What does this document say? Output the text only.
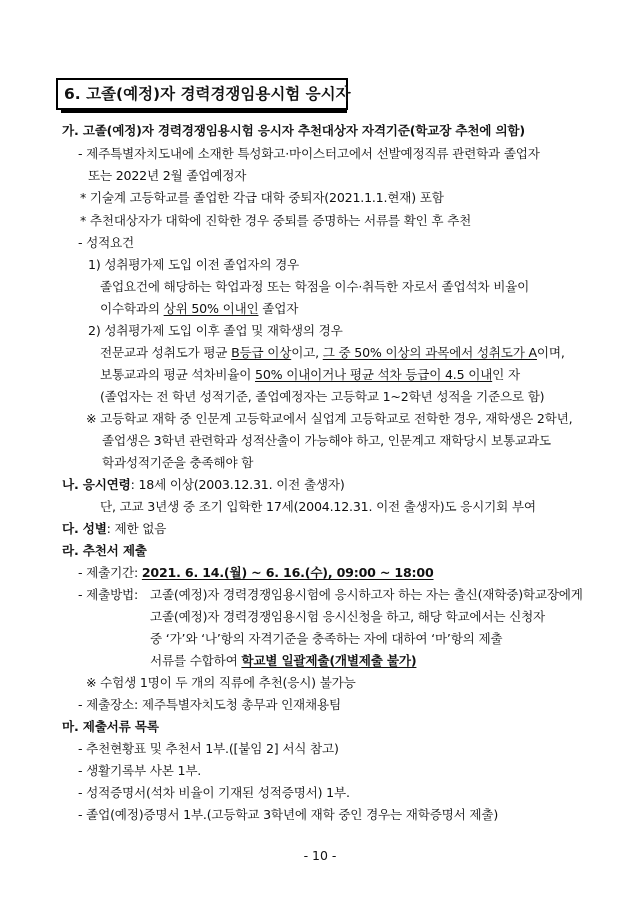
6. 고졸(예정)자 경력경쟁임용시험 응시자
가. 고졸(예정)자 경력경쟁임용시험 응시자 추천대상자 자격기준(학교장 추천에 의함)
- 제주특별자치도내에 소재한 특성화고·마이스터고에서 선발예정직류 관련학과 졸업자
또는 2022년 2월 졸업예정자
* 기술계 고등학교를 졸업한 각급 대학 중퇴자(2021.1.1.현재) 포함
* 추천대상자가 대학에 진학한 경우 중퇴를 증명하는 서류를 확인 후 추천
- 성적요건
1) 성취평가제 도입 이전 졸업자의 경우
졸업요건에 해당하는 학업과정 또는 학점을 이수·취득한 자로서 졸업석차 비율이
이수학과의 상위 50% 이내인 졸업자
2) 성취평가제 도입 이후 졸업 및 재학생의 경우
전문교과 성취도가 평균 B등급 이상이고, 그 중 50% 이상의 과목에서 성취도가 A이며,
보통교과의 평균 석차비율이 50% 이내이거나 평균 석차 등급이 4.5 이내인 자
(졸업자는 전 학년 성적기준, 졸업예정자는 고등학교 1~2학년 성적을 기준으로 함)
※ 고등학교 재학 중 인문계 고등학교에서 실업계 고등학교로 전학한 경우, 재학생은 2학년,
졸업생은 3학년 관련학과 성적산출이 가능해야 하고, 인문계고 재학당시 보통교과도
학과성적기준을 충족해야 함
나. 응시연령: 18세 이상(2003.12.31. 이전 출생자)
단, 고교 3년생 중 조기 입학한 17세(2004.12.31. 이전 출생자)도 응시기회 부여
다. 성별: 제한 없음
라. 추천서 제출
- 제출기간: 2021. 6. 14.(월) ~ 6. 16.(수), 09:00 ~ 18:00
- 제출방법: 고졸(예정)자 경력경쟁임용시험에 응시하고자 하는 자는 출신(재학중)학교장에게
고졸(예정)자 경력경쟁임용시험 응시신청을 하고, 해당 학교에서는 신청자
중 ‘가’와 ‘나’항의 자격기준을 충족하는 자에 대하여 ‘마’항의 제출
서류를 수합하여 학교별 일괄제출(개별제출 불가)
※ 수험생 1명이 두 개의 직류에 추천(응시) 불가능
- 제출장소: 제주특별자치도청 총무과 인재채용팀
마. 제출서류 목록
- 추천현황표 및 추천서 1부.([붙임 2] 서식 참고)
- 생활기록부 사본 1부.
- 성적증명서(석차 비율이 기재된 성적증명서) 1부.
- 졸업(예정)증명서 1부.(고등학교 3학년에 재학 중인 경우는 재학증명서 제출)
- 10 -
